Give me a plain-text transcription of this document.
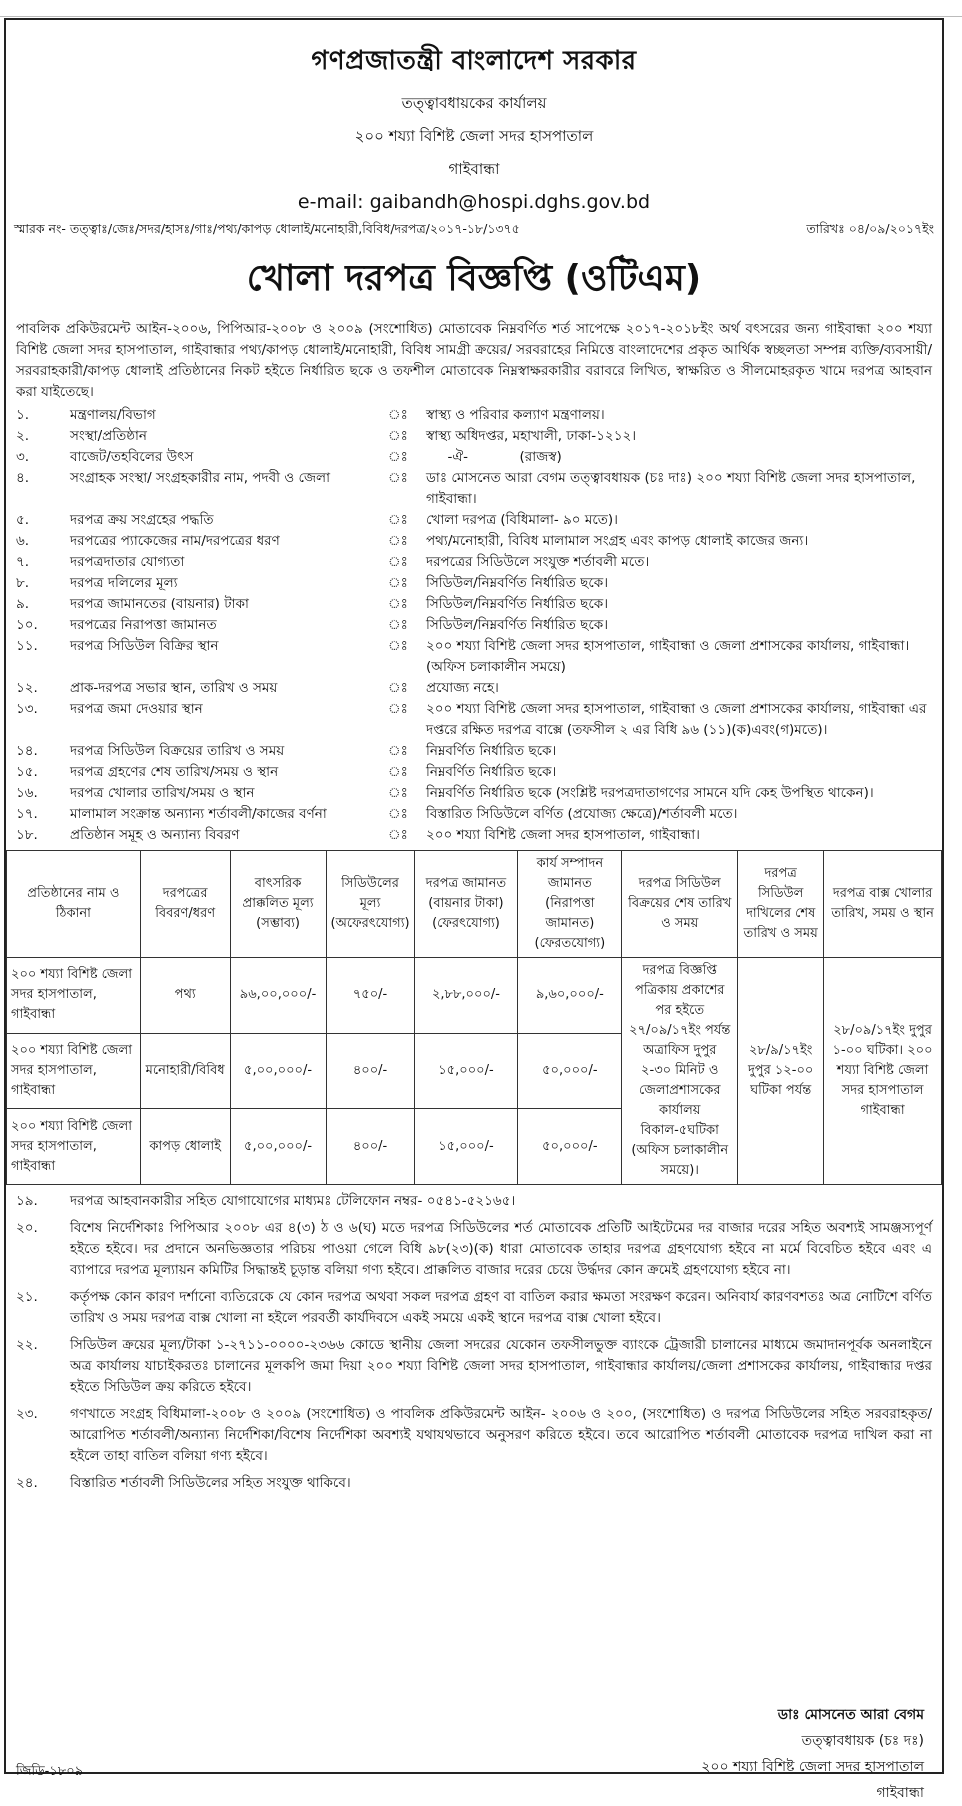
গণপ্রজাতন্ত্রী বাংলাদেশ সরকার
তত্ত্বাবধায়কের কার্যালয়
২০০ শয্যা বিশিষ্ট জেলা সদর হাসপাতাল
গাইবান্ধা
e-mail: gaibandh@hospi.dghs.gov.bd
স্মারক নং- তত্ত্বাঃ/জেঃ/সদর/হাসঃ/গাঃ/পথ্য/কাপড় ধোলাই/মনোহারী,বিবিধ/দরপত্র/২০১৭-১৮/১৩৭৫	তারিখঃ ০৪/০৯/২০১৭ইং
খোলা দরপত্র বিজ্ঞপ্তি (ওটিএম)
পাবলিক প্রকিউরমেন্ট আইন-২০০৬, পিপিআর-২০০৮ ও ২০০৯ (সংশোধিত) মোতাবেক নিম্নবর্ণিত শর্ত সাপেক্ষে ২০১৭-২০১৮ইং অর্থ বৎসরের জন্য গাইবান্ধা ২০০ শয্যা বিশিষ্ট জেলা সদর হাসপাতাল, গাইবান্ধার পথ্য/কাপড় ধোলাই/মনোহারী, বিবিধ সামগ্রী ক্রয়ের/ সরবরাহের নিমিত্তে বাংলাদেশের প্রকৃত আর্থিক স্বচ্ছলতা সম্পন্ন ব্যক্তি/ব্যবসায়ী/সরবরাহকারী/কাপড় ধোলাই প্রতিষ্ঠানের নিকট হইতে নির্ধারিত ছকে ও তফশীল মোতাবেক নিম্নস্বাক্ষরকারীর বরাবরে লিখিত, স্বাক্ষরিত ও সীলমোহরকৃত খামে দরপত্র আহবান করা যাইতেছে।
১.	মন্ত্রণালয়/বিভাগ	ঃ	স্বাস্থ্য ও পরিবার কল্যাণ মন্ত্রণালয়।
২.	সংস্থা/প্রতিষ্ঠান	ঃ	স্বাস্থ্য অধিদপ্তর, মহাখালী, ঢাকা-১২১২।
৩.	বাজেট/তহবিলের উৎস	ঃ	-ঐ-            (রাজস্ব)
৪.	সংগ্রাহক সংস্থা/ সংগ্রহকারীর নাম, পদবী ও জেলা	ঃ	ডাঃ মোসনেত আরা বেগম তত্ত্বাবধায়ক (চঃ দাঃ) ২০০ শয্যা বিশিষ্ট জেলা সদর হাসপাতাল, গাইবান্ধা।
৫.	দরপত্র ক্রয় সংগ্রহের পদ্ধতি	ঃ	খোলা দরপত্র (বিধিমালা- ৯০ মতে)।
৬.	দরপত্রের প্যাকেজের নাম/দরপত্রের ধরণ	ঃ	পথ্য/মনোহারী, বিবিধ মালামাল সংগ্রহ এবং কাপড় ধোলাই কাজের জন্য।
৭.	দরপত্রদাতার যোগ্যতা	ঃ	দরপত্রের সিডিউলে সংযুক্ত শর্তাবলী মতে।
৮.	দরপত্র দলিলের মূল্য	ঃ	সিডিউল/নিম্নবর্ণিত নির্ধারিত ছকে।
৯.	দরপত্র জামানতের (বায়নার) টাকা	ঃ	সিডিউল/নিম্নবর্ণিত নির্ধারিত ছকে।
১০.	দরপত্রের নিরাপত্তা জামানত	ঃ	সিডিউল/নিম্নবর্ণিত নির্ধারিত ছকে।
১১.	দরপত্র সিডিউল বিক্রির স্থান	ঃ	২০০ শয্যা বিশিষ্ট জেলা সদর হাসপাতাল, গাইবান্ধা ও জেলা প্রশাসকের কার্যালয়, গাইবান্ধা। (অফিস চলাকালীন সময়ে)
১২.	প্রাক-দরপত্র সভার স্থান, তারিখ ও সময়	ঃ	প্রযোজ্য নহে।
১৩.	দরপত্র জমা দেওয়ার স্থান	ঃ	২০০ শয্যা বিশিষ্ট জেলা সদর হাসপাতাল, গাইবান্ধা ও জেলা প্রশাসকের কার্যালয়, গাইবান্ধা এর দপ্তরে রক্ষিত দরপত্র বাক্সে (তফসীল ২ এর বিধি ৯৬ (১১)(ক)এবং(গ)মতে)।
১৪.	দরপত্র সিডিউল বিক্রয়ের তারিখ ও সময়	ঃ	নিম্নবর্ণিত নির্ধারিত ছকে।
১৫.	দরপত্র গ্রহণের শেষ তারিখ/সময় ও স্থান	ঃ	নিম্নবর্ণিত নির্ধারিত ছকে।
১৬.	দরপত্র খোলার তারিখ/সময় ও স্থান	ঃ	নিম্নবর্ণিত নির্ধারিত ছকে (সংশ্লিষ্ট দরপত্রদাতাগণের সামনে যদি কেহ উপস্থিত থাকেন)।
১৭.	মালামাল সংক্রান্ত অন্যান্য শর্তাবলী/কাজের বর্ণনা	ঃ	বিস্তারিত সিডিউলে বর্ণিত (প্রযোজ্য ক্ষেত্রে)/শর্তাবলী মতে।
১৮.	প্রতিষ্ঠান সমূহ ও অন্যান্য বিবরণ	ঃ	২০০ শয্যা বিশিষ্ট জেলা সদর হাসপাতাল, গাইবান্ধা।
প্রতিষ্ঠানের নাম ও ঠিকানা	দরপত্রের বিবরণ/ধরণ	বাৎসরিক প্রাক্কলিত মূল্য (সম্ভাব্য)	সিডিউলের মূল্য (অফেরৎযোগ্য)	দরপত্র জামানত (বায়নার টাকা) (ফেরৎযোগ্য)	কার্য সম্পাদন জামানত (নিরাপত্তা জামানত) (ফেরতযোগ্য)	দরপত্র সিডিউল বিক্রয়ের শেষ তারিখ ও সময়	দরপত্র সিডিউল দাখিলের শেষ তারিখ ও সময়	দরপত্র বাক্স খোলার তারিখ, সময় ও স্থান
২০০ শয্যা বিশিষ্ট জেলা সদর হাসপাতাল, গাইবান্ধা	পথ্য	৯৬,০০,০০০/-	৭৫০/-	২,৮৮,০০০/-	৯,৬০,০০০/-	দরপত্র বিজ্ঞপ্তি পত্রিকায় প্রকাশের পর হইতে ২৭/০৯/১৭ইং পর্যন্ত অত্রাফিস দুপুর ২-৩০ মিনিট ও জেলাপ্রশাসকের কার্যালয় বিকাল-৫ঘটিকা (অফিস চলাকালীন সময়ে)।	২৮/৯/১৭ইং দুপুর ১২-০০ ঘটিকা পর্যন্ত	২৮/০৯/১৭ইং দুপুর ১-০০ ঘটিকা। ২০০ শয্যা বিশিষ্ট জেলা সদর হাসপাতাল গাইবান্ধা
২০০ শয্যা বিশিষ্ট জেলা সদর হাসপাতাল, গাইবান্ধা	মনোহারী/বিবিধ	৫,০০,০০০/-	৪০০/-	১৫,০০০/-	৫০,০০০/-			
২০০ শয্যা বিশিষ্ট জেলা সদর হাসপাতাল, গাইবান্ধা	কাপড় ধোলাই	৫,০০,০০০/-	৪০০/-	১৫,০০০/-	৫০,০০০/-			
১৯.	দরপত্র আহবানকারীর সহিত যোগাযোগের মাধ্যমঃ টেলিফোন নম্বর- ০৫৪১-৫২১৬৫।
২০.	বিশেষ নির্দেশিকাঃ পিপিআর ২০০৮ এর ৪(৩) ঠ ও ৬(ঘ) মতে দরপত্র সিডিউলের শর্ত মোতাবেক প্রতিটি আইটেমের দর বাজার দরের সহিত অবশ্যই সামঞ্জস্যপূর্ণ হইতে হইবে। দর প্রদানে অনভিজ্ঞতার পরিচয় পাওয়া গেলে বিধি ৯৮(২৩)(ক) ধারা মোতাবেক তাহার দরপত্র গ্রহণযোগ্য হইবে না মর্মে বিবেচিত হইবে এবং এ ব্যাপারে দরপত্র মূল্যায়ন কমিটির সিদ্ধান্তই চূড়ান্ত বলিয়া গণ্য হইবে। প্রাক্কলিত বাজার দরের চেয়ে উর্দ্ধদর কোন ক্রমেই গ্রহণযোগ্য হইবে না।
২১.	কর্তৃপক্ষ কোন কারণ দর্শানো ব্যতিরেকে যে কোন দরপত্র অথবা সকল দরপত্র গ্রহণ বা বাতিল করার ক্ষমতা সংরক্ষণ করেন। অনিবার্য কারণবশতঃ অত্র নোটিশে বর্ণিত তারিখ ও সময় দরপত্র বাক্স খোলা না হইলে পরবর্তী কার্যদিবসে একই সময়ে একই স্থানে দরপত্র বাক্স খোলা হইবে।
২২.	সিডিউল ক্রয়ের মূল্য/টাকা ১-২৭১১-০০০০-২৩৬৬ কোডে স্থানীয় জেলা সদরের যেকোন তফসীলভুক্ত ব্যাংকে ট্রেজারী চালানের মাধ্যমে জমাদানপূর্বক অনলাইনে অত্র কার্যালয় যাচাইকরতঃ চালানের মূলকপি জমা দিয়া ২০০ শয্যা বিশিষ্ট জেলা সদর হাসপাতাল, গাইবান্ধার কার্যালয়/জেলা প্রশাসকের কার্যালয়, গাইবান্ধার দপ্তর হইতে সিডিউল ক্রয় করিতে হইবে।
২৩.	গণখাতে সংগ্রহ বিধিমালা-২০০৮ ও ২০০৯ (সংশোধিত) ও পাবলিক প্রকিউরমেন্ট আইন- ২০০৬ ও ২০০, (সংশোধিত) ও দরপত্র সিডিউলের সহিত সরবরাহকৃত/আরোপিত শর্তাবলী/অন্যান্য নির্দেশিকা/বিশেষ নির্দেশিকা অবশ্যই যথাযথভাবে অনুসরণ করিতে হইবে। তবে আরোপিত শর্তাবলী মোতাবেক দরপত্র দাখিল করা না হইলে তাহা বাতিল বলিয়া গণ্য হইবে।
২৪.	বিস্তারিত শর্তাবলী সিডিউলের সহিত সংযুক্ত থাকিবে।
ডাঃ মোসনেত আরা বেগম
তত্ত্বাবধায়ক (চঃ দঃ)
২০০ শয্যা বিশিষ্ট জেলা সদর হাসপাতাল
গাইবান্ধা
জিডি-১৮০৯
